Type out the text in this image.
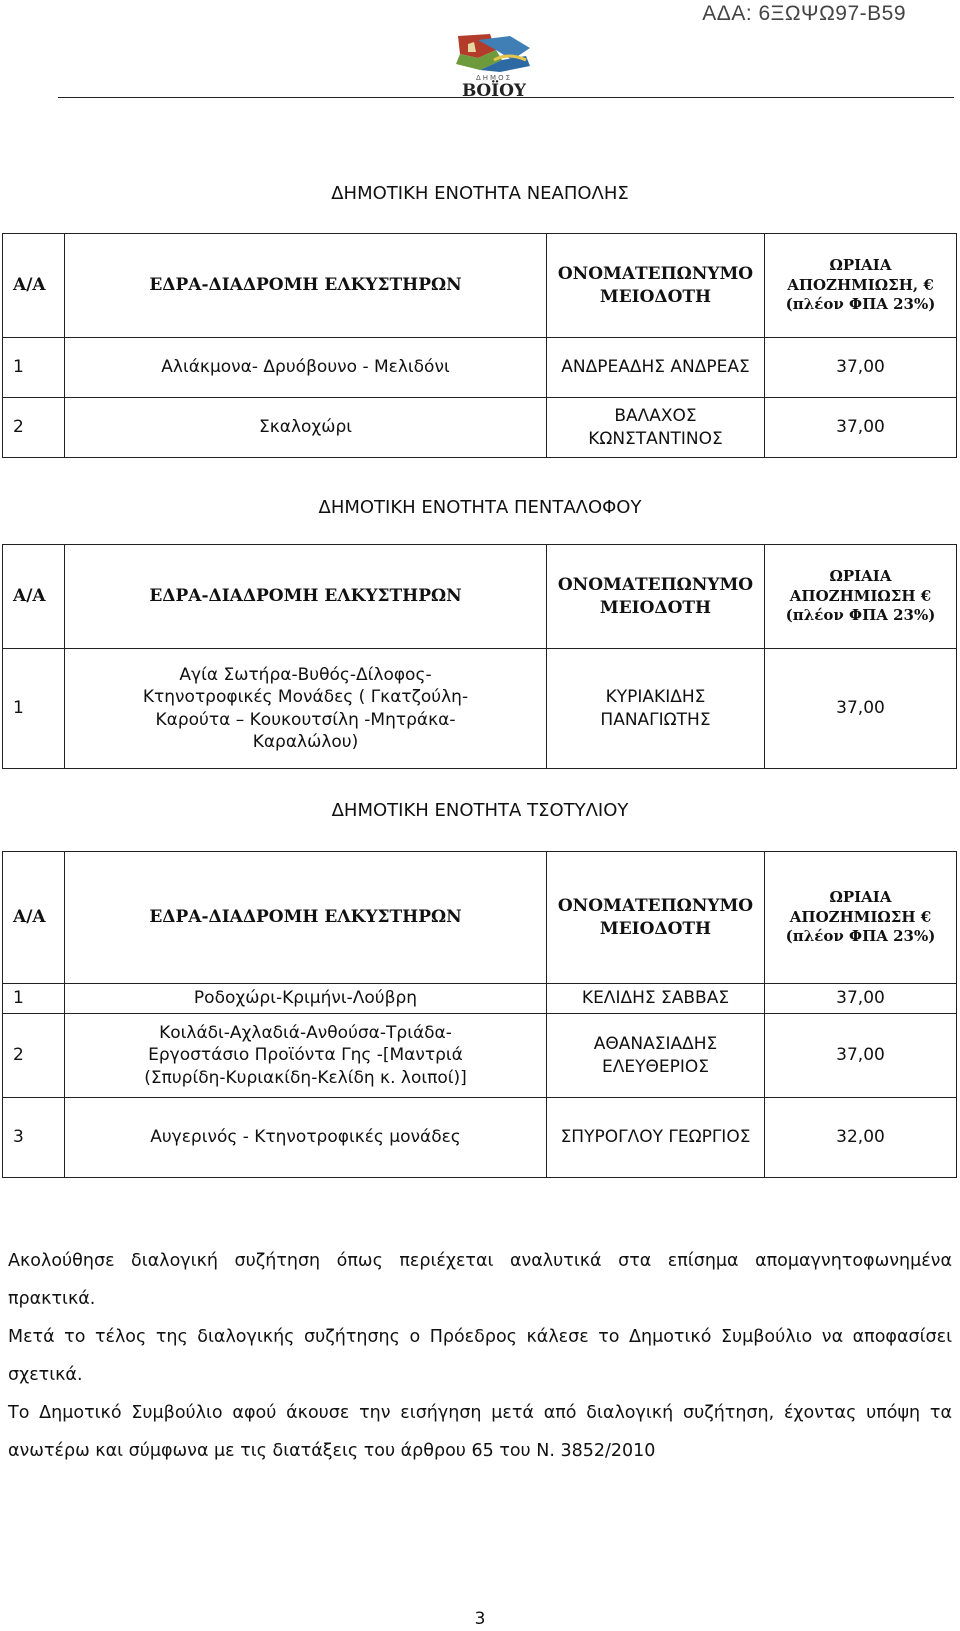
ΑΔΑ: 6ΞΩΨΩ97-Β59
ΔΗΜΟΣ
ΒΟΪΟΥ
ΔΗΜΟΤΙΚΗ ΕΝΟΤΗΤΑ ΝΕΑΠΟΛΗΣ
Α/Α	ΕΔΡΑ-ΔΙΑΔΡΟΜΗ ΕΛΚΥΣΤΗΡΩΝ	ΟΝΟΜΑΤΕΠΩΝΥΜΟ ΜΕΙΟΔΟΤΗ	ΩΡΙΑΙΑ ΑΠΟΖΗΜΙΩΣΗ, €(πλέον ΦΠΑ 23%)
1	Αλιάκμονα- Δρυόβουνο - Μελιδόνι	ΑΝΔΡΕΑΔΗΣ ΑΝΔΡΕΑΣ	37,00
2	Σκαλοχώρι	ΒΑΛΑΧΟΣ ΚΩΝΣΤΑΝΤΙΝΟΣ	37,00
ΔΗΜΟΤΙΚΗ ΕΝΟΤΗΤΑ ΠΕΝΤΑΛΟΦΟΥ
Α/Α	ΕΔΡΑ-ΔΙΑΔΡΟΜΗ ΕΛΚΥΣΤΗΡΩΝ	ΟΝΟΜΑΤΕΠΩΝΥΜΟ ΜΕΙΟΔΟΤΗ	ΩΡΙΑΙΑ ΑΠΟΖΗΜΙΩΣΗ € (πλέον ΦΠΑ 23%)
1	Αγία Σωτήρα-Βυθός-Δίλοφος-Κτηνοτροφικές Μονάδες ( Γκατζούλη-Καρούτα – Κουκουτσίλη -Μητράκα-Καραλώλου)	ΚΥΡΙΑΚΙΔΗΣ ΠΑΝΑΓΙΩΤΗΣ	37,00
ΔΗΜΟΤΙΚΗ ΕΝΟΤΗΤΑ ΤΣΟΤΥΛΙΟΥ
Α/Α	ΕΔΡΑ-ΔΙΑΔΡΟΜΗ ΕΛΚΥΣΤΗΡΩΝ	ΟΝΟΜΑΤΕΠΩΝΥΜΟ ΜΕΙΟΔΟΤΗ	ΩΡΙΑΙΑ ΑΠΟΖΗΜΙΩΣΗ € (πλέον ΦΠΑ 23%)
1	Ροδοχώρι-Κριμήνι-Λούβρη	ΚΕΛΙΔΗΣ ΣΑΒΒΑΣ	37,00
2	Κοιλάδι-Αχλαδιά-Ανθούσα-Τριάδα-Εργοστάσιο Προϊόντα Γης -[Μαντριά (Σπυρίδη-Κυριακίδη-Κελίδη κ. λοιποί)]	ΑΘΑΝΑΣΙΑΔΗΣ ΕΛΕΥΘΕΡΙΟΣ	37,00
3	Αυγερινός - Κτηνοτροφικές μονάδες	ΣΠΥΡΟΓΛΟΥ ΓΕΩΡΓΙΟΣ	32,00

Ακολούθησε διαλογική συζήτηση όπως περιέχεται αναλυτικά στα επίσημα απομαγνητοφωνημένα πρακτικά.

Μετά το τέλος της διαλογικής συζήτησης ο Πρόεδρος κάλεσε το Δημοτικό Συμβούλιο να αποφασίσει σχετικά.

Το Δημοτικό Συμβούλιο αφού άκουσε την εισήγηση μετά από διαλογική συζήτηση, έχοντας υπόψη τα ανωτέρω και σύμφωνα με τις διατάξεις του άρθρου 65 του Ν. 3852/2010

3
